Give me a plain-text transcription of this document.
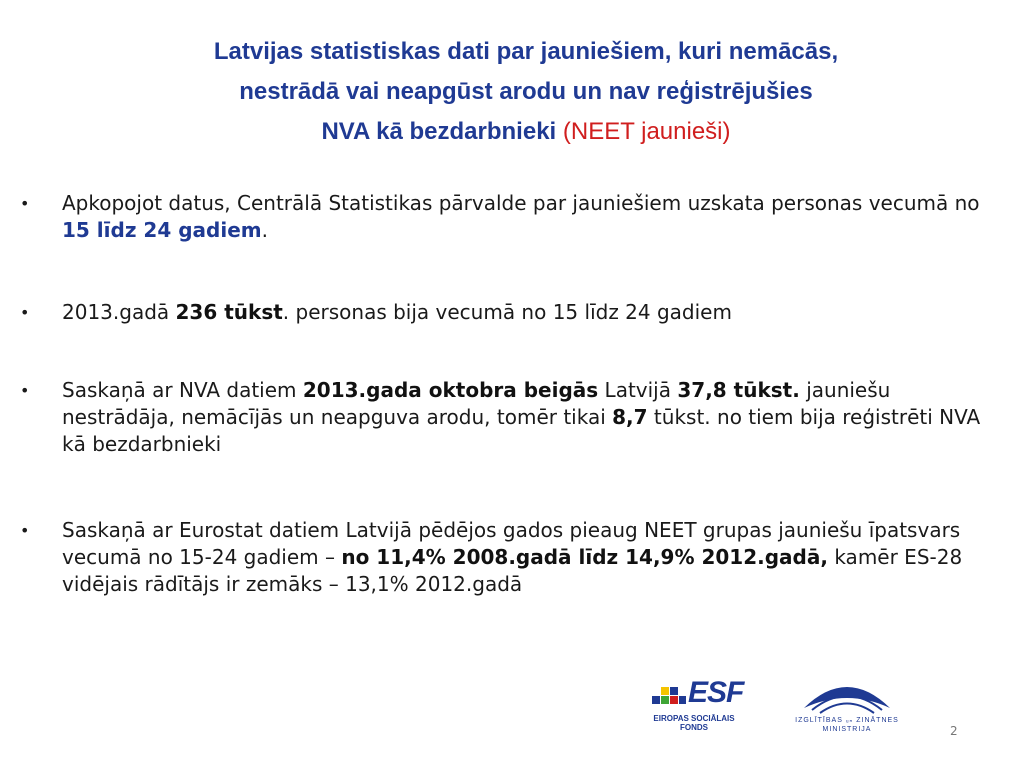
Latvijas statistiskas dati par jauniešiem, kuri nemācās,
nestrādā vai neapgūst arodu un nav reģistrējušies
NVA kā bezdarbnieki (NEET jaunieši)
•	Apkopojot datus, Centrālā Statistikas pārvalde par jauniešiem uzskata personas vecumā no 15 līdz 24 gadiem.
•	2013.gadā 236 tūkst. personas bija vecumā no 15 līdz 24 gadiem
•	Saskaņā ar NVA datiem 2013.gada oktobra beigās Latvijā 37,8 tūkst. jauniešu nestrādāja, nemācījās un neapguva arodu, tomēr tikai 8,7 tūkst. no tiem bija reģistrēti NVA kā bezdarbnieki
•	Saskaņā ar Eurostat datiem Latvijā pēdējos gados pieaug NEET grupas jauniešu īpatsvars vecumā no 15-24 gadiem – no 11,4% 2008.gadā līdz 14,9% 2012.gadā, kamēr ES-28 vidējais rādītājs ir zemāks – 13,1% 2012.gadā
ESF
EIROPAS SOCIĀLAIS
FONDS
IZGLĪTĪBAS ᵤₙ ZINĀTNES
MINISTRIJA	2
